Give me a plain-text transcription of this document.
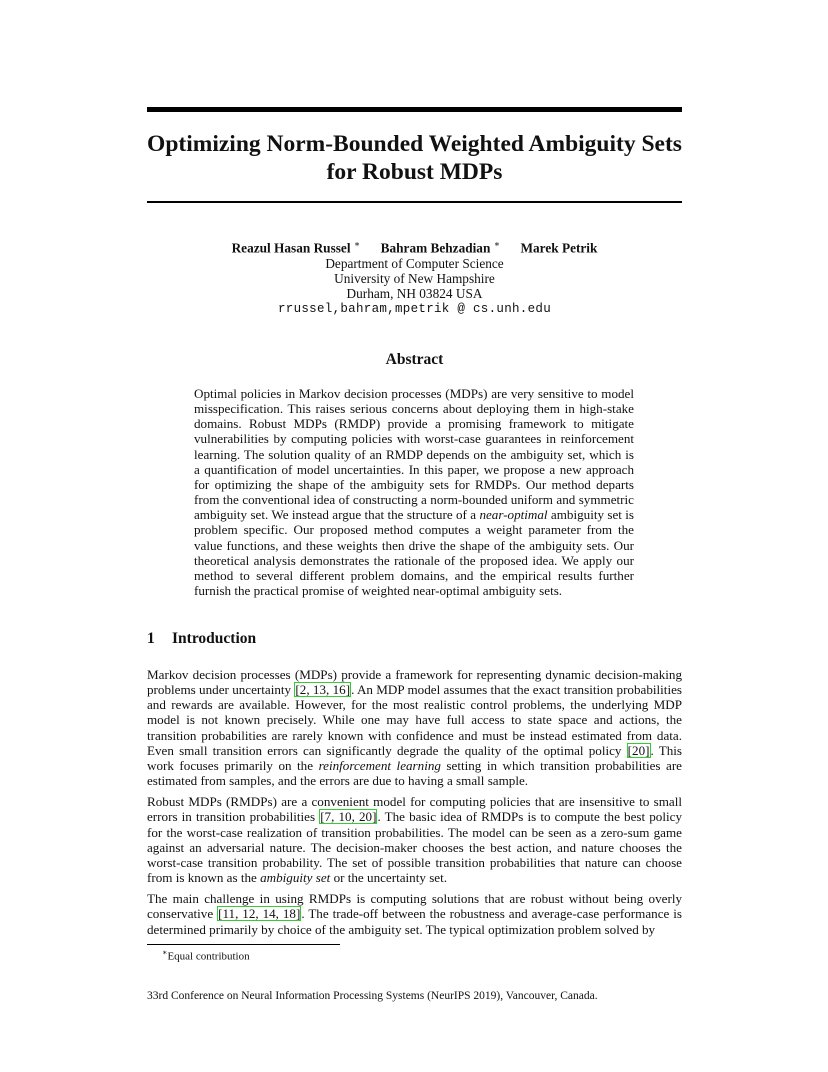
Optimizing Norm-Bounded Weighted Ambiguity Sets
for Robust MDPs
Reazul Hasan Russel ∗ Bahram Behzadian ∗ Marek Petrik
Department of Computer Science
University of New Hampshire
Durham, NH 03824 USA
rrussel,bahram,mpetrik @ cs.unh.edu
Abstract

Optimal policies in Markov decision processes (MDPs) are very sensitive to model misspecification. This raises serious concerns about deploying them in high-stake domains. Robust MDPs (RMDP) provide a promising framework to mitigate vulnerabilities by computing policies with worst-case guarantees in reinforcement learning. The solution quality of an RMDP depends on the ambiguity set, which is a quantification of model uncertainties. In this paper, we propose a new approach for optimizing the shape of the ambiguity sets for RMDPs. Our method departs from the conventional idea of constructing a norm-bounded uniform and symmetric ambiguity set. We instead argue that the structure of a near-optimal ambiguity set is problem specific. Our proposed method computes a weight parameter from the value functions, and these weights then drive the shape of the ambiguity sets. Our theoretical analysis demonstrates the rationale of the proposed idea. We apply our method to several different problem domains, and the empirical results further furnish the practical promise of weighted near-optimal ambiguity sets.

1 Introduction

Markov decision processes (MDPs) provide a framework for representing dynamic decision-making problems under uncertainty [2, 13, 16]. An MDP model assumes that the exact transition probabilities and rewards are available. However, for the most realistic control problems, the underlying MDP model is not known precisely. While one may have full access to state space and actions, the transition probabilities are rarely known with confidence and must be instead estimated from data. Even small transition errors can significantly degrade the quality of the optimal policy [20]. This work focuses primarily on the reinforcement learning setting in which transition probabilities are estimated from samples, and the errors are due to having a small sample.

Robust MDPs (RMDPs) are a convenient model for computing policies that are insensitive to small errors in transition probabilities [7, 10, 20]. The basic idea of RMDPs is to compute the best policy for the worst-case realization of transition probabilities. The model can be seen as a zero-sum game against an adversarial nature. The decision-maker chooses the best action, and nature chooses the worst-case transition probability. The set of possible transition probabilities that nature can choose from is known as the ambiguity set or the uncertainty set.

The main challenge in using RMDPs is computing solutions that are robust without being overly conservative [11, 12, 14, 18]. The trade-off between the robustness and average-case performance is determined primarily by choice of the ambiguity set. The typical optimization problem solved by

∗Equal contribution
33rd Conference on Neural Information Processing Systems (NeurIPS 2019), Vancouver, Canada.
